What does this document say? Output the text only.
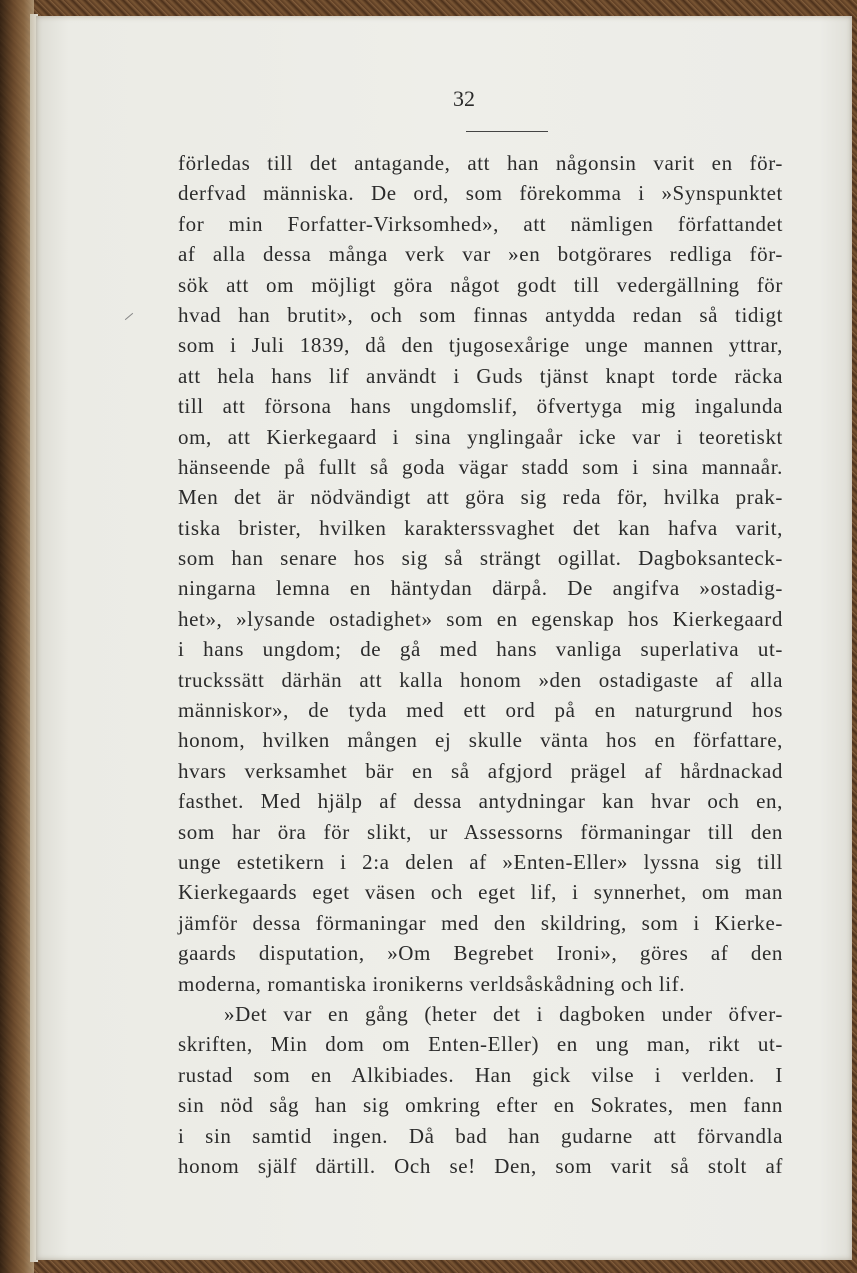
32
förledas till det antagande, att han någonsin varit en för-
derfvad människa. De ord, som förekomma i »Synspunktet
for min Forfatter-Virksomhed», att nämligen författandet
af alla dessa många verk var »en botgörares redliga för-
sök att om möjligt göra något godt till vedergällning för
hvad han brutit», och som finnas antydda redan så tidigt
som i Juli 1839, då den tjugosexårige unge mannen yttrar,
att hela hans lif användt i Guds tjänst knapt torde räcka
till att försona hans ungdomslif, öfvertyga mig ingalunda
om, att Kierkegaard i sina ynglingaår icke var i teoretiskt
hänseende på fullt så goda vägar stadd som i sina mannaår.
Men det är nödvändigt att göra sig reda för, hvilka prak-
tiska brister, hvilken karakterssvaghet det kan hafva varit,
som han senare hos sig så strängt ogillat. Dagboksanteck-
ningarna lemna en häntydan därpå. De angifva »ostadig-
het», »lysande ostadighet» som en egenskap hos Kierkegaard
i hans ungdom; de gå med hans vanliga superlativa ut-
truckssätt därhän att kalla honom »den ostadigaste af alla
människor», de tyda med ett ord på en naturgrund hos
honom, hvilken mången ej skulle vänta hos en författare,
hvars verksamhet bär en så afgjord prägel af hårdnackad
fasthet. Med hjälp af dessa antydningar kan hvar och en,
som har öra för slikt, ur Assessorns förmaningar till den
unge estetikern i 2:a delen af »Enten-Eller» lyssna sig till
Kierkegaards eget väsen och eget lif, i synnerhet, om man
jämför dessa förmaningar med den skildring, som i Kierke-
gaards disputation, »Om Begrebet Ironi», göres af den
moderna, romantiska ironikerns verldsåskådning och lif.
»Det var en gång (heter det i dagboken under öfver-
skriften, Min dom om Enten-Eller) en ung man, rikt ut-
rustad som en Alkibiades. Han gick vilse i verlden. I
sin nöd såg han sig omkring efter en Sokrates, men fann
i sin samtid ingen. Då bad han gudarne att förvandla
honom själf därtill. Och se! Den, som varit så stolt af
